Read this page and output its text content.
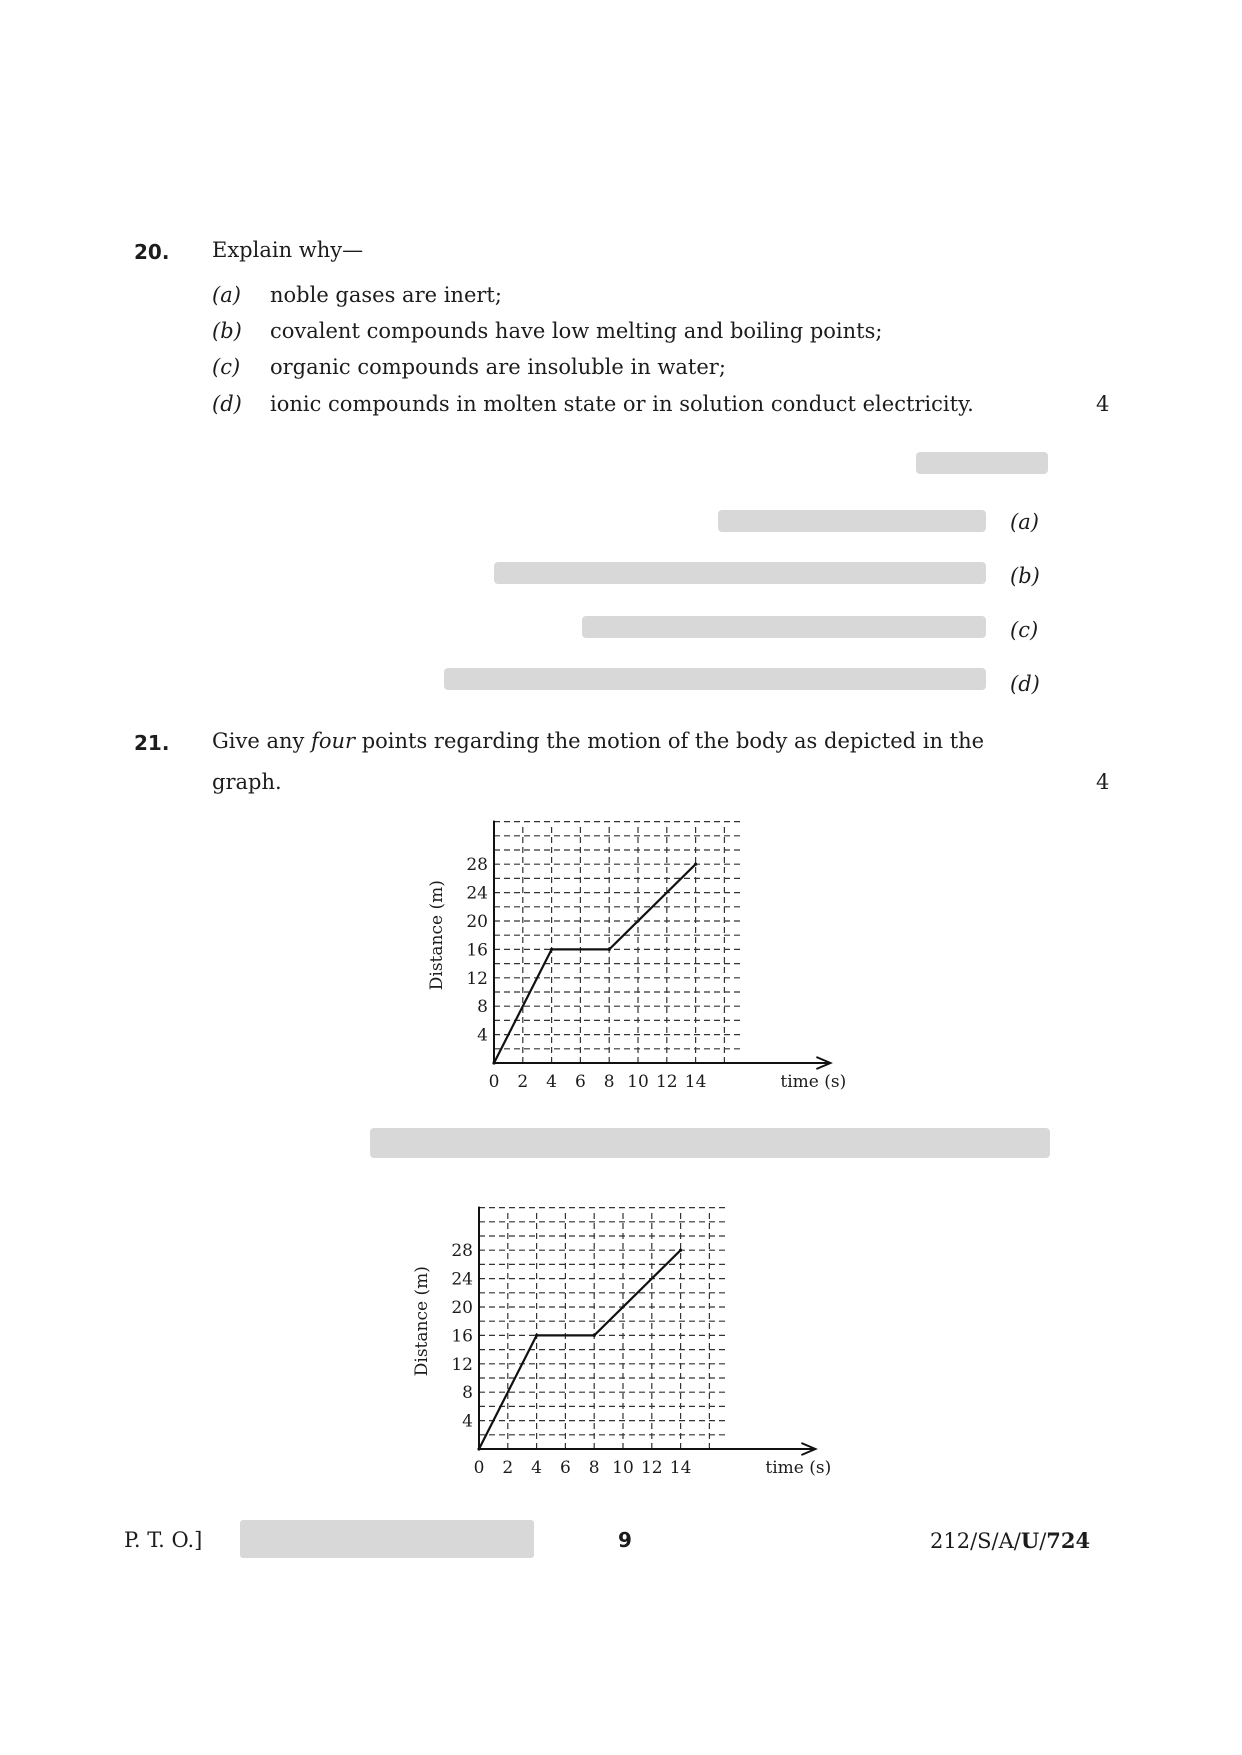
20. Explain why—
(a) noble gases are inert;
(b) covalent compounds have low melting and boiling points;
(c) organic compounds are insoluble in water;
(d) ionic compounds in molten state or in solution conduct electricity.	4
(a)
(b)
(c)
(d)
21. Give any four points regarding the motion of the body as depicted in the
graph.	4
0 2 4 6 8 10 12 14
4
8
12
16
20
24
28
time (s)
Distance (m)
0 2 4 6 8 10 12 14
4
8
12
16
20
24
28
time (s)
Distance (m)
P. T. O.]	9	212/S/A/U/724
